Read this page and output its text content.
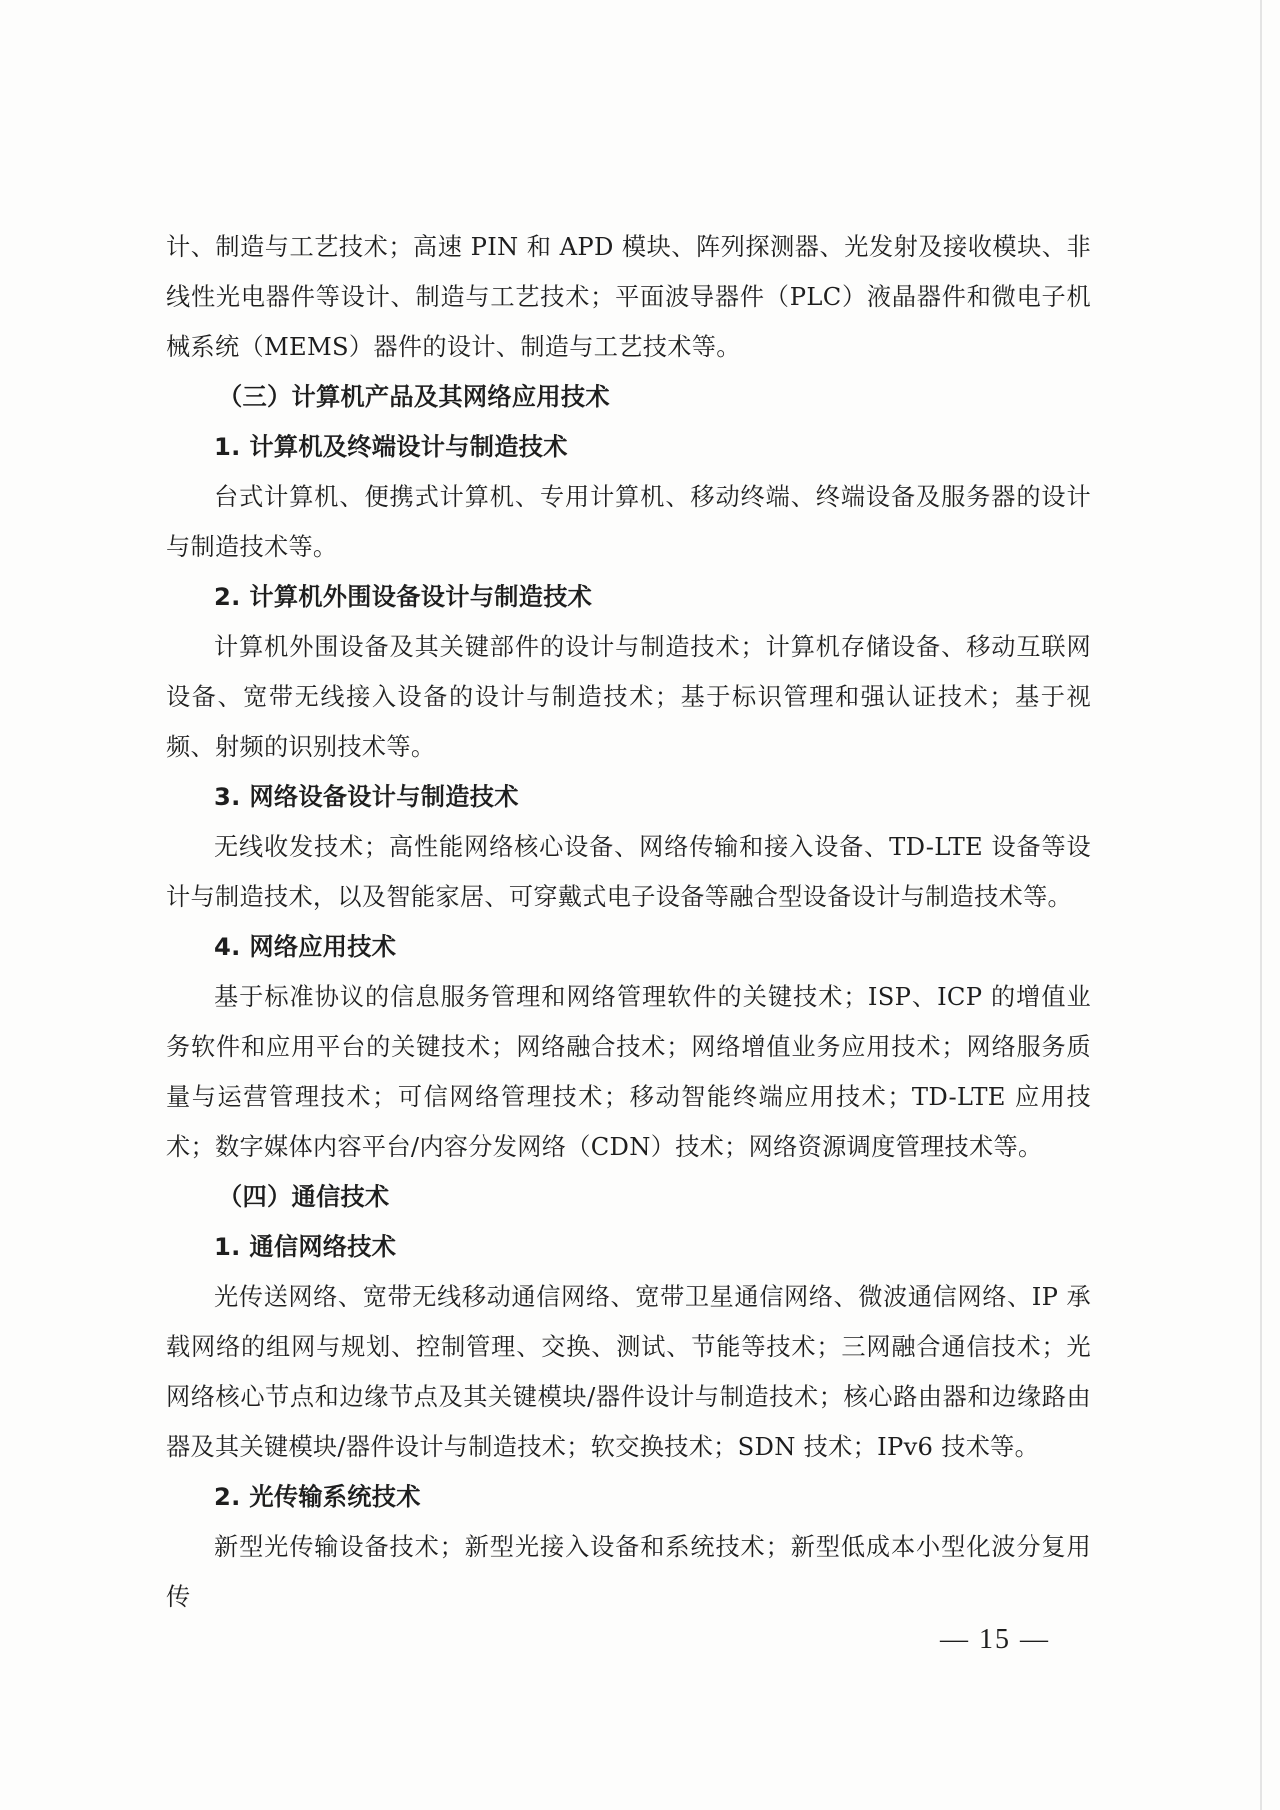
计、制造与工艺技术；高速 PIN 和 APD 模块、阵列探测器、光发射及接收模块、非线性光电器件等设计、制造与工艺技术；平面波导器件（PLC）液晶器件和微电子机械系统（MEMS）器件的设计、制造与工艺技术等。

（三）计算机产品及其网络应用技术

1. 计算机及终端设计与制造技术

台式计算机、便携式计算机、专用计算机、移动终端、终端设备及服务器的设计与制造技术等。

2. 计算机外围设备设计与制造技术

计算机外围设备及其关键部件的设计与制造技术；计算机存储设备、移动互联网设备、宽带无线接入设备的设计与制造技术；基于标识管理和强认证技术；基于视频、射频的识别技术等。

3. 网络设备设计与制造技术

无线收发技术；高性能网络核心设备、网络传输和接入设备、TD-LTE 设备等设计与制造技术，以及智能家居、可穿戴式电子设备等融合型设备设计与制造技术等。

4. 网络应用技术

基于标准协议的信息服务管理和网络管理软件的关键技术；ISP、ICP 的增值业务软件和应用平台的关键技术；网络融合技术；网络增值业务应用技术；网络服务质量与运营管理技术；可信网络管理技术；移动智能终端应用技术；TD-LTE 应用技术；数字媒体内容平台/内容分发网络（CDN）技术；网络资源调度管理技术等。

（四）通信技术

1. 通信网络技术

光传送网络、宽带无线移动通信网络、宽带卫星通信网络、微波通信网络、IP 承载网络的组网与规划、控制管理、交换、测试、节能等技术；三网融合通信技术；光网络核心节点和边缘节点及其关键模块/器件设计与制造技术；核心路由器和边缘路由器及其关键模块/器件设计与制造技术；软交换技术；SDN 技术；IPv6 技术等。

2. 光传输系统技术

新型光传输设备技术；新型光接入设备和系统技术；新型低成本小型化波分复用传

— 15 —
